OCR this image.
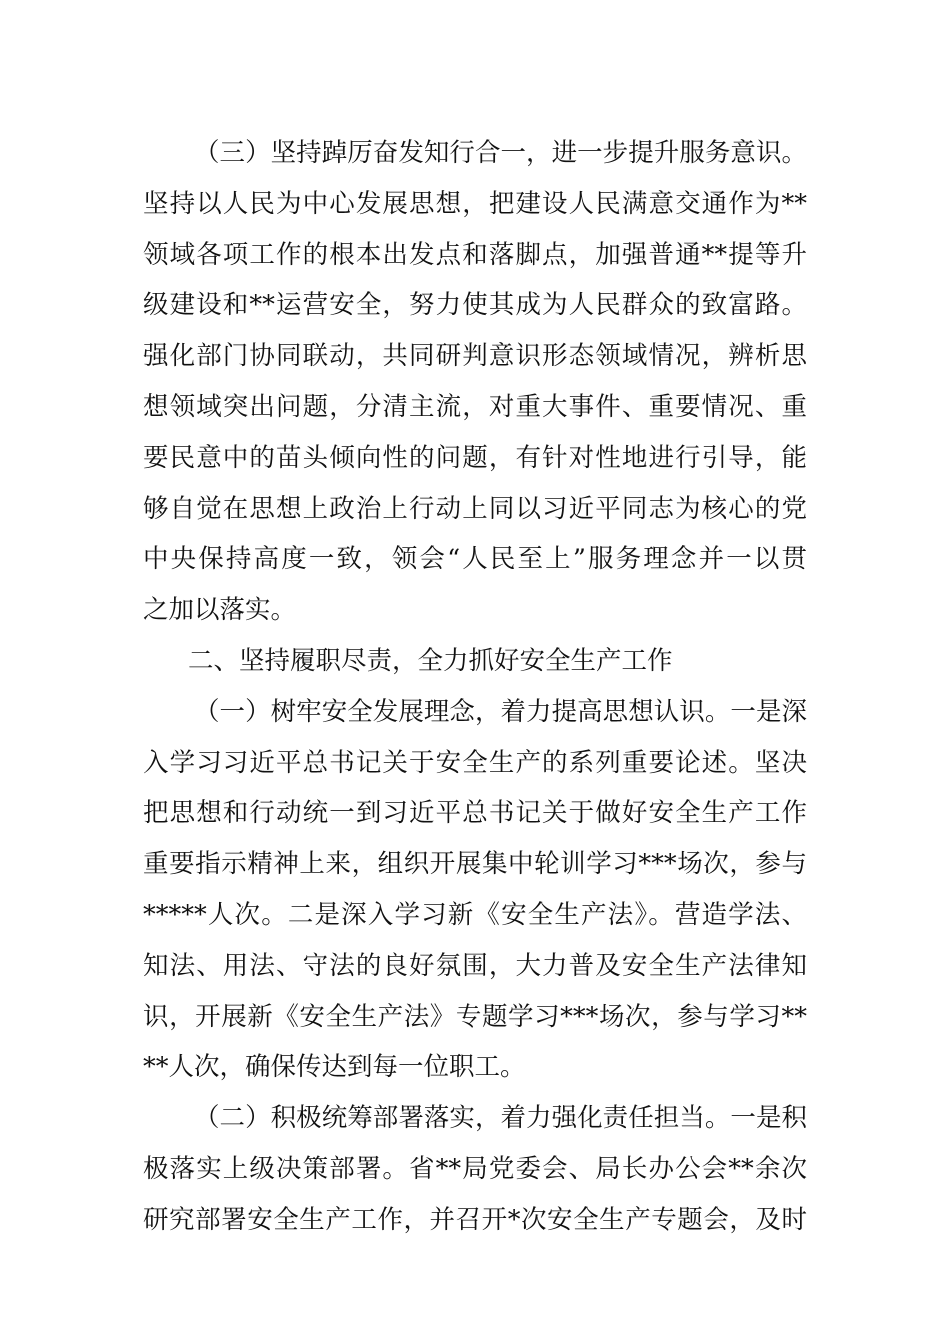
（三）坚持踔厉奋发知行合一，进一步提升服务意识。
坚持以人民为中心发展思想，把建设人民满意交通作为**
领域各项工作的根本出发点和落脚点，加强普通**提等升
级建设和**运营安全，努力使其成为人民群众的致富路。
强化部门协同联动，共同研判意识形态领域情况，辨析思
想领域突出问题，分清主流，对重大事件、重要情况、重
要民意中的苗头倾向性的问题，有针对性地进行引导，能
够自觉在思想上政治上行动上同以习近平同志为核心的党
中央保持高度一致，领会“人民至上”服务理念并一以贯
之加以落实。
二、坚持履职尽责，全力抓好安全生产工作
（一）树牢安全发展理念，着力提高思想认识。一是深
入学习习近平总书记关于安全生产的系列重要论述。坚决
把思想和行动统一到习近平总书记关于做好安全生产工作
重要指示精神上来，组织开展集中轮训学习***场次，参与
*****人次。二是深入学习新《安全生产法》。营造学法、
知法、用法、守法的良好氛围，大力普及安全生产法律知
识，开展新《安全生产法》专题学习***场次，参与学习**
**人次，确保传达到每一位职工。
（二）积极统筹部署落实，着力强化责任担当。一是积
极落实上级决策部署。省**局党委会、局长办公会**余次
研究部署安全生产工作，并召开*次安全生产专题会，及时
